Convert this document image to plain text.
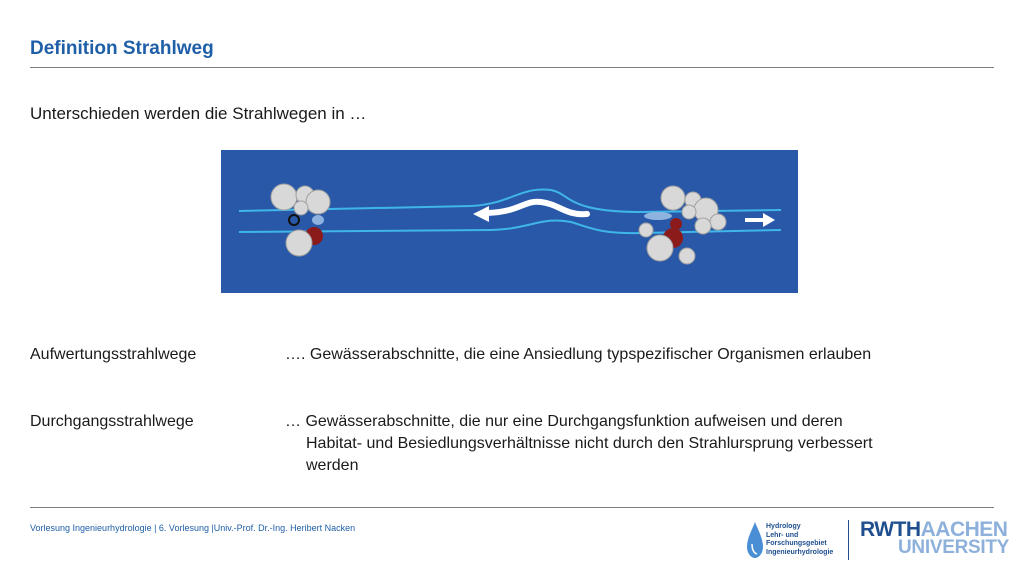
Definition Strahlweg
Unterschieden werden die Strahlwegen in …
Aufwertungsstrahlwege	…. Gewässerabschnitte, die eine Ansiedlung typspezifischer Organismen erlauben
Durchgangsstrahlwege	… Gewässerabschnitte, die nur eine Durchgangsfunktion aufweisen und deren
Habitat- und Besiedlungsverhältnisse nicht durch den Strahlursprung verbessert
werden
Vorlesung Ingenieurhydrologie | 6. Vorlesung |Univ.-Prof. Dr.-Ing. Heribert Nacken	Hydrology
Lehr- und
Forschungsgebiet
Ingenieurhydrologie
RWTHAACHEN
UNIVERSITY
